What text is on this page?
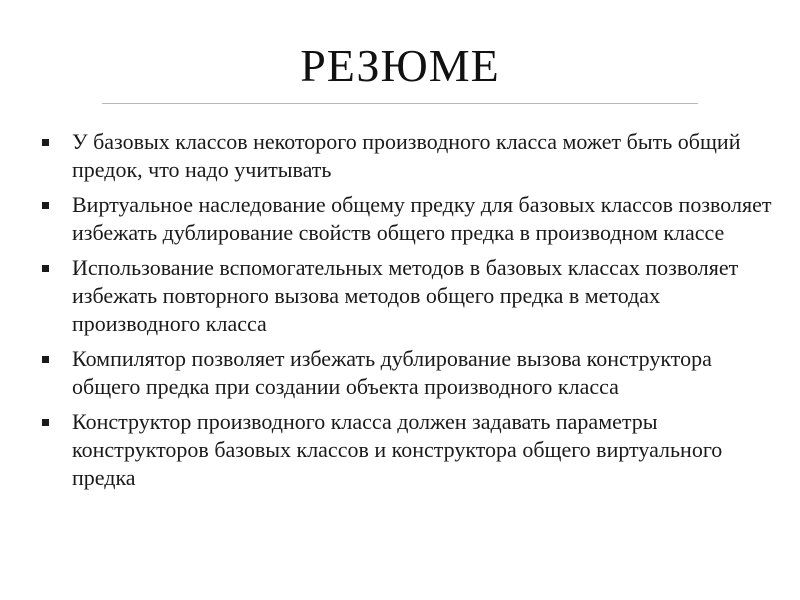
РЕЗЮМЕ
У базовых классов некоторого производного класса может быть общий предок, что надо учитывать
Виртуальное наследование общему предку для базовых классов позволяет избежать дублирование свойств общего предка в производном классе
Использование вспомогательных методов в базовых классах позволяет избежать повторного вызова методов общего предка в методах производного класса
Компилятор позволяет избежать дублирование вызова конструктора общего предка при создании объекта производного класса
Конструктор производного класса должен задавать параметры конструкторов базовых классов и конструктора общего виртуального предка
